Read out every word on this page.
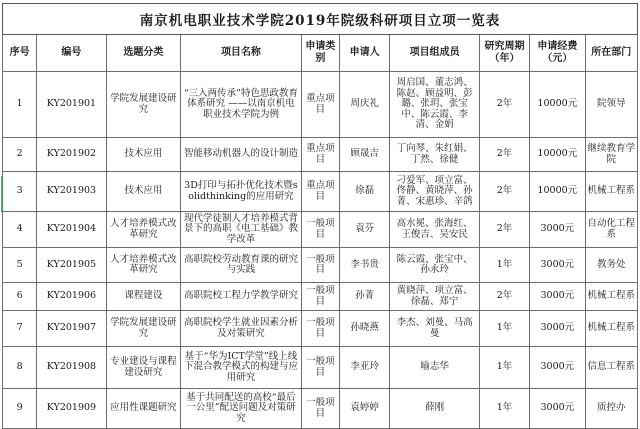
南京机电职业技术学院2019年院级科研项目立项一览表									
序号	编号	选题分类	项目名称	申请类别	申请人	项目组成员	研究周期（年）	申请经费（元）	所在部门
1	KY201901	学院发展建设研究	“三入两传承”特色思政教育体系研究 ——以南京机电职业技术学院为例	重点项目	周庆礼	周启国、董志鸿、陈赵、顾益明、彭璐、张玥、张宝中、陈云霞、李清、金娟	2年	10000元	院领导
2	KY201902	技术应用	智能移动机器人的设计制造	重点项目	顾晟吉	丁向琴、朱红娟、丁然、徐健	2年	10000元	继续教育学院
3	KY201903	技术应用	3D打印与拓扑优化技术暨solidthinking的应用研究	重点项目	徐磊	刁爱军、项立富、佟静、黄晓萍、孙菁、宋惠珍、辛鸽	2年	10000元	机械工程系
4	KY201904	人才培养模式改革研究	现代学徒制人才培养模式背景下的高职《电工基础》教学改革	一般项目	袁芬	高水冕、张海红、王俊吉、吴安民	2年	3000元	自动化工程系
5	KY201905	人才培养模式改革研究	高职院校劳动教育课的研究与实践	一般项目	李书贵	陈云霞、张宝中、孙永玲	1年	3000元	教务处
6	KY201906	课程建设	高职院校工程力学教学研究	一般项目	孙菁	黄晓萍、项立富、徐磊、郑宁	2年	3000元	机械工程系
7	KY201907	学院发展建设研究	高职院校学生就业因素分析及对策研究	一般项目	孙晓燕	李杰、刘曼、马高曼	1年	3000元	机械工程系
8	KY201908	专业建设与课程建设研究	基于“华为ICT学堂”线上线下混合教学模式的构建与应用研究	一般项目	李亚玲	喻志华	1年	3000元	信息工程系
9	KY201909	应用性课题研究	基于共同配送的高校“最后一公里”配送问题及对策研究	一般项目	袁婷婷	薛刚	1年	3000元	质控办
